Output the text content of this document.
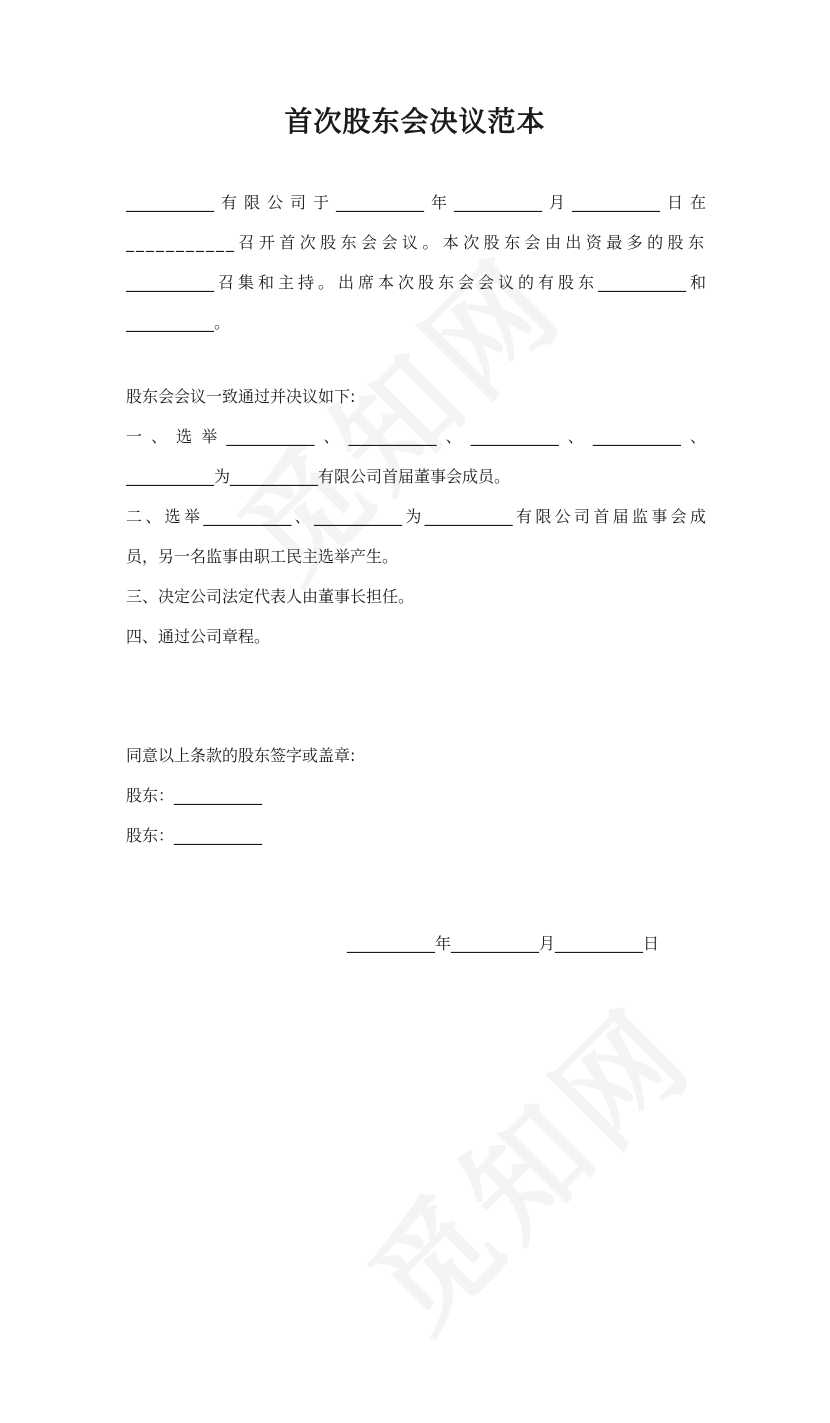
首次股东会决议范本
___________有限公司于___________年___________月___________日在
___________召开首次股东会会议。本次股东会由出资最多的股东
___________召集和主持。出席本次股东会会议的有股东___________和
___________。
股东会会议一致通过并决议如下:
一、选举___________、___________、___________、___________、
___________为___________有限公司首届董事会成员。
二、选举___________、___________为___________有限公司首届监事会成
员，另一名监事由职工民主选举产生。
三、决定公司法定代表人由董事长担任。
四、通过公司章程。
同意以上条款的股东签字或盖章:
股东：___________
股东：___________
___________年___________月___________日
